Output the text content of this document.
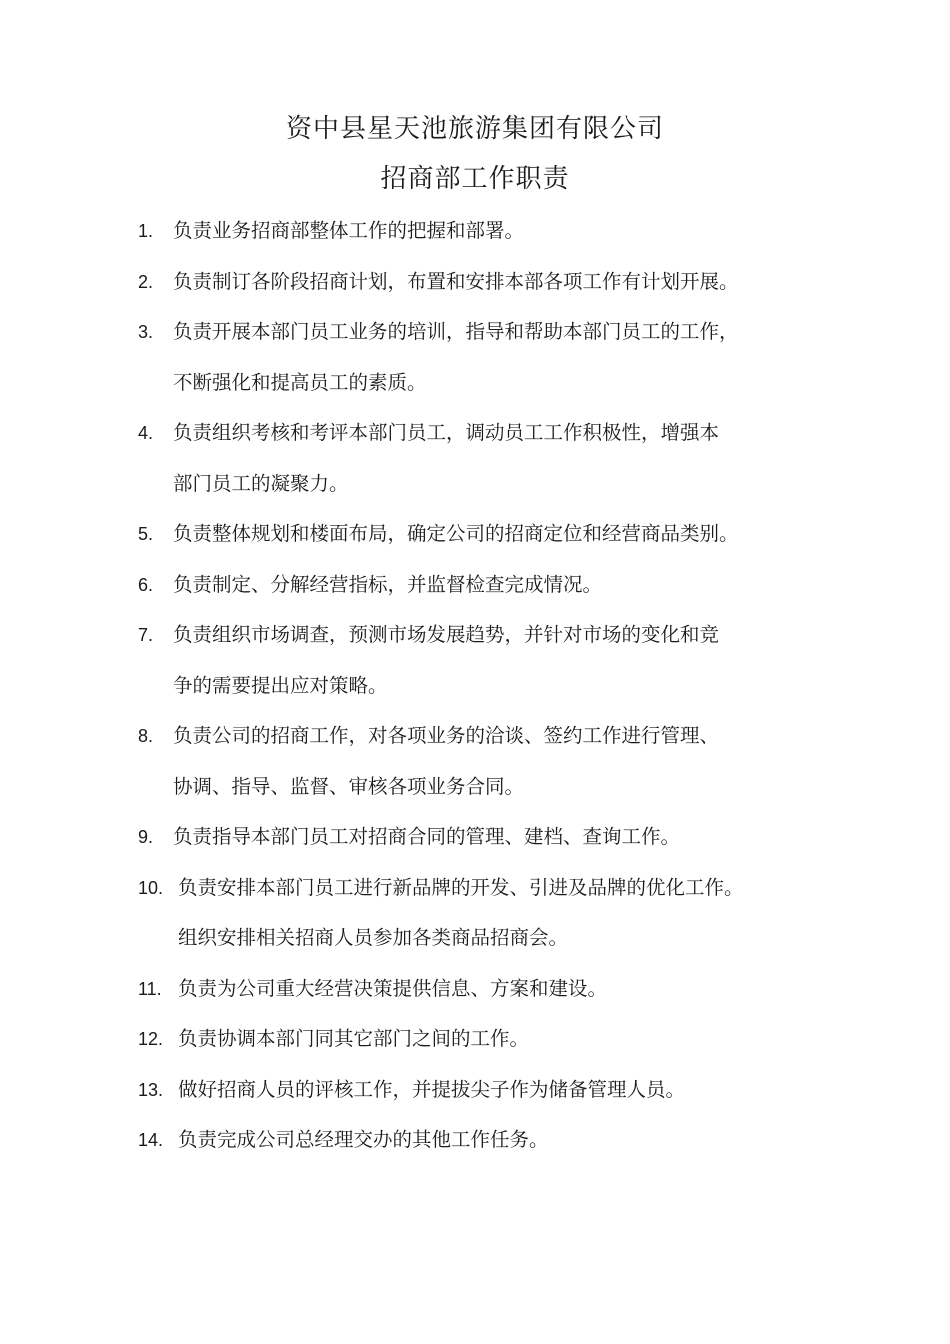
资中县星天池旅游集团有限公司
招商部工作职责
1.	负责业务招商部整体工作的把握和部署。
2.	负责制订各阶段招商计划，布置和安排本部各项工作有计划开展。
3.	负责开展本部门员工业务的培训，指导和帮助本部门员工的工作，
不断强化和提高员工的素质。
4.	负责组织考核和考评本部门员工，调动员工工作积极性，增强本
部门员工的凝聚力。
5.	负责整体规划和楼面布局，确定公司的招商定位和经营商品类别。
6.	负责制定、分解经营指标，并监督检查完成情况。
7.	负责组织市场调查，预测市场发展趋势，并针对市场的变化和竞
争的需要提出应对策略。
8.	负责公司的招商工作，对各项业务的洽谈、签约工作进行管理、
协调、指导、监督、审核各项业务合同。
9.	负责指导本部门员工对招商合同的管理、建档、查询工作。
10. 负责安排本部门员工进行新品牌的开发、引进及品牌的优化工作。
组织安排相关招商人员参加各类商品招商会。
11. 负责为公司重大经营决策提供信息、方案和建设。
12. 负责协调本部门同其它部门之间的工作。
13. 做好招商人员的评核工作，并提拔尖子作为储备管理人员。
14. 负责完成公司总经理交办的其他工作任务。
